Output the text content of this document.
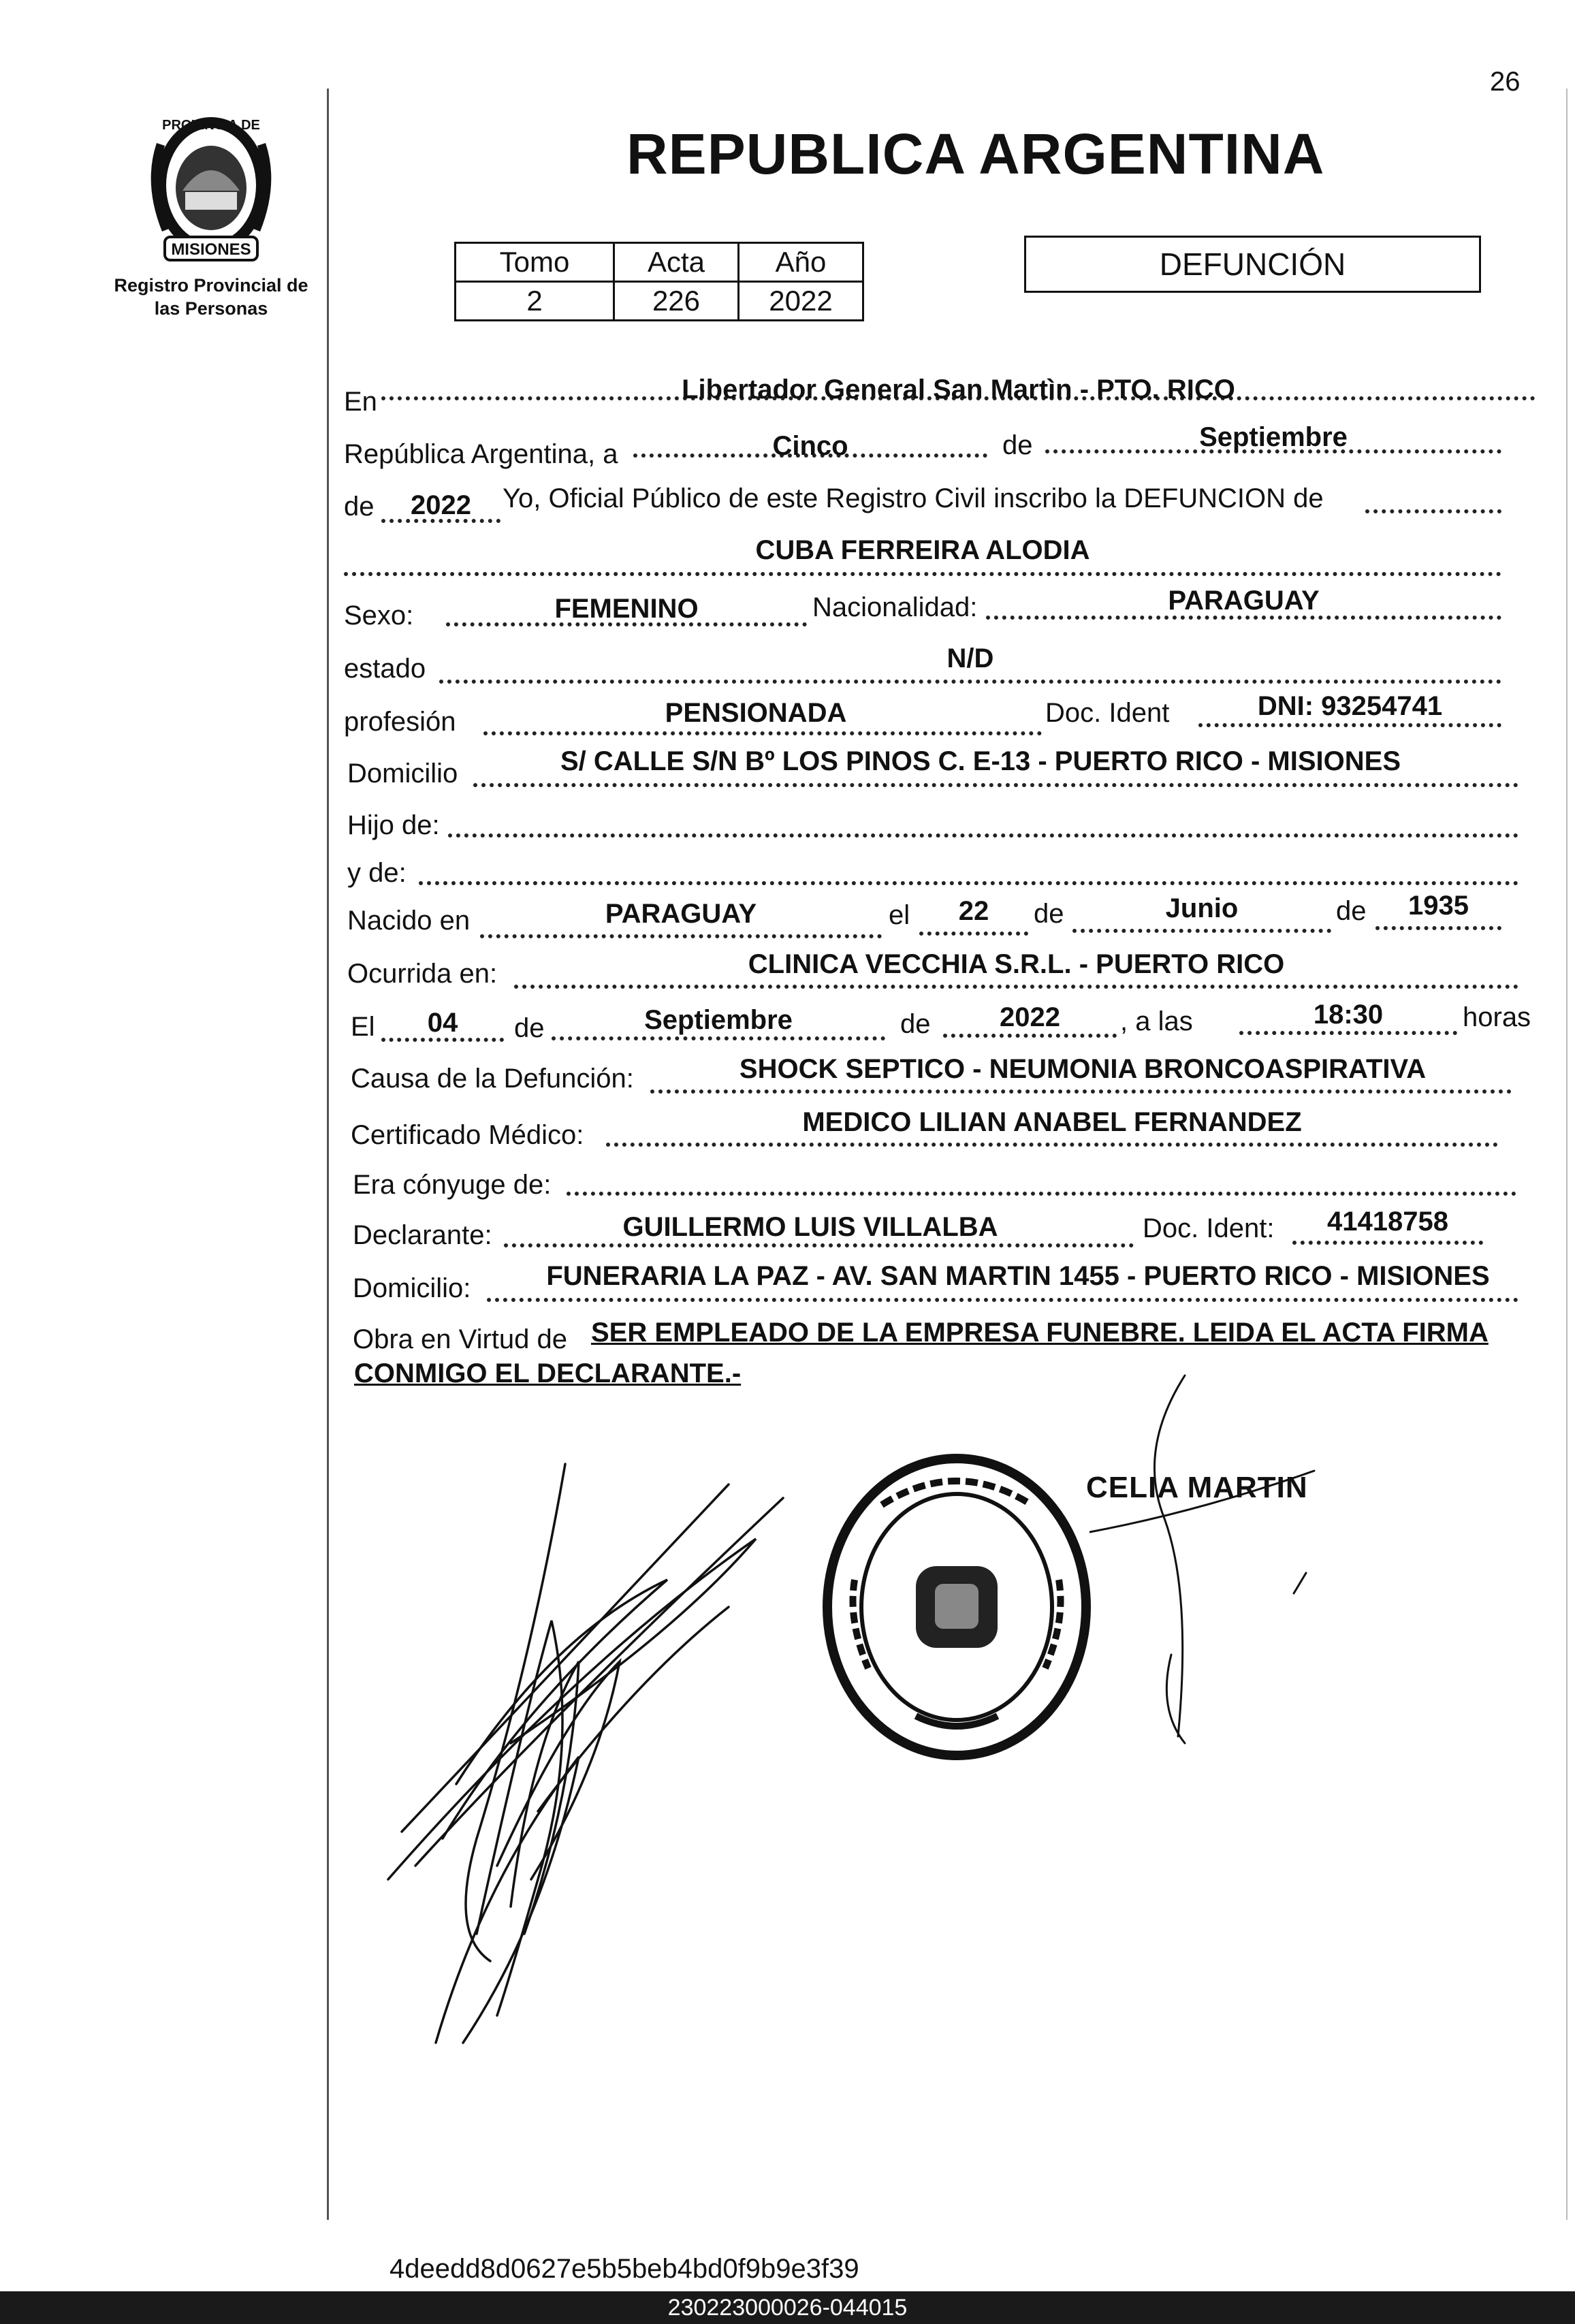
26
PROVINCIA DE
MISIONES
Registro Provincial de
las Personas
REPUBLICA ARGENTINA
Tomo	Acta	Año
2	226	2022
DEFUNCIÓN
En	Libertador General San Martìn - PTO. RICO
República Argentina, a	Cinco	de	Septiembre
de	2022	Yo, Oficial Público de este Registro Civil inscribo la DEFUNCION de
CUBA FERREIRA ALODIA
Sexo:	FEMENINO	Nacionalidad:	PARAGUAY
estado	N/D
profesión	PENSIONADA	Doc. Ident	DNI: 93254741
Domicilio	S/ CALLE S/N Bº LOS PINOS C. E-13 - PUERTO RICO - MISIONES
Hijo de:
y de:
Nacido en	PARAGUAY	el	22	de	Junio	de	1935
Ocurrida en:	CLINICA VECCHIA S.R.L. - PUERTO RICO
El	04	de	Septiembre	de	2022	, a las	18:30	horas
Causa de la Defunción:	SHOCK SEPTICO - NEUMONIA BRONCOASPIRATIVA
Certificado Médico:	MEDICO LILIAN ANABEL FERNANDEZ
Era cónyuge de:
Declarante:	GUILLERMO LUIS VILLALBA	Doc. Ident:	41418758
Domicilio:	FUNERARIA LA PAZ - AV. SAN MARTIN 1455 - PUERTO RICO - MISIONES
Obra en Virtud de SER EMPLEADO DE LA EMPRESA FUNEBRE. LEIDA EL ACTA FIRMA
CONMIGO EL DECLARANTE.-
CELIA MARTIN
4deedd8d0627e5b5beb4bd0f9b9e3f39
230223000026-044015
